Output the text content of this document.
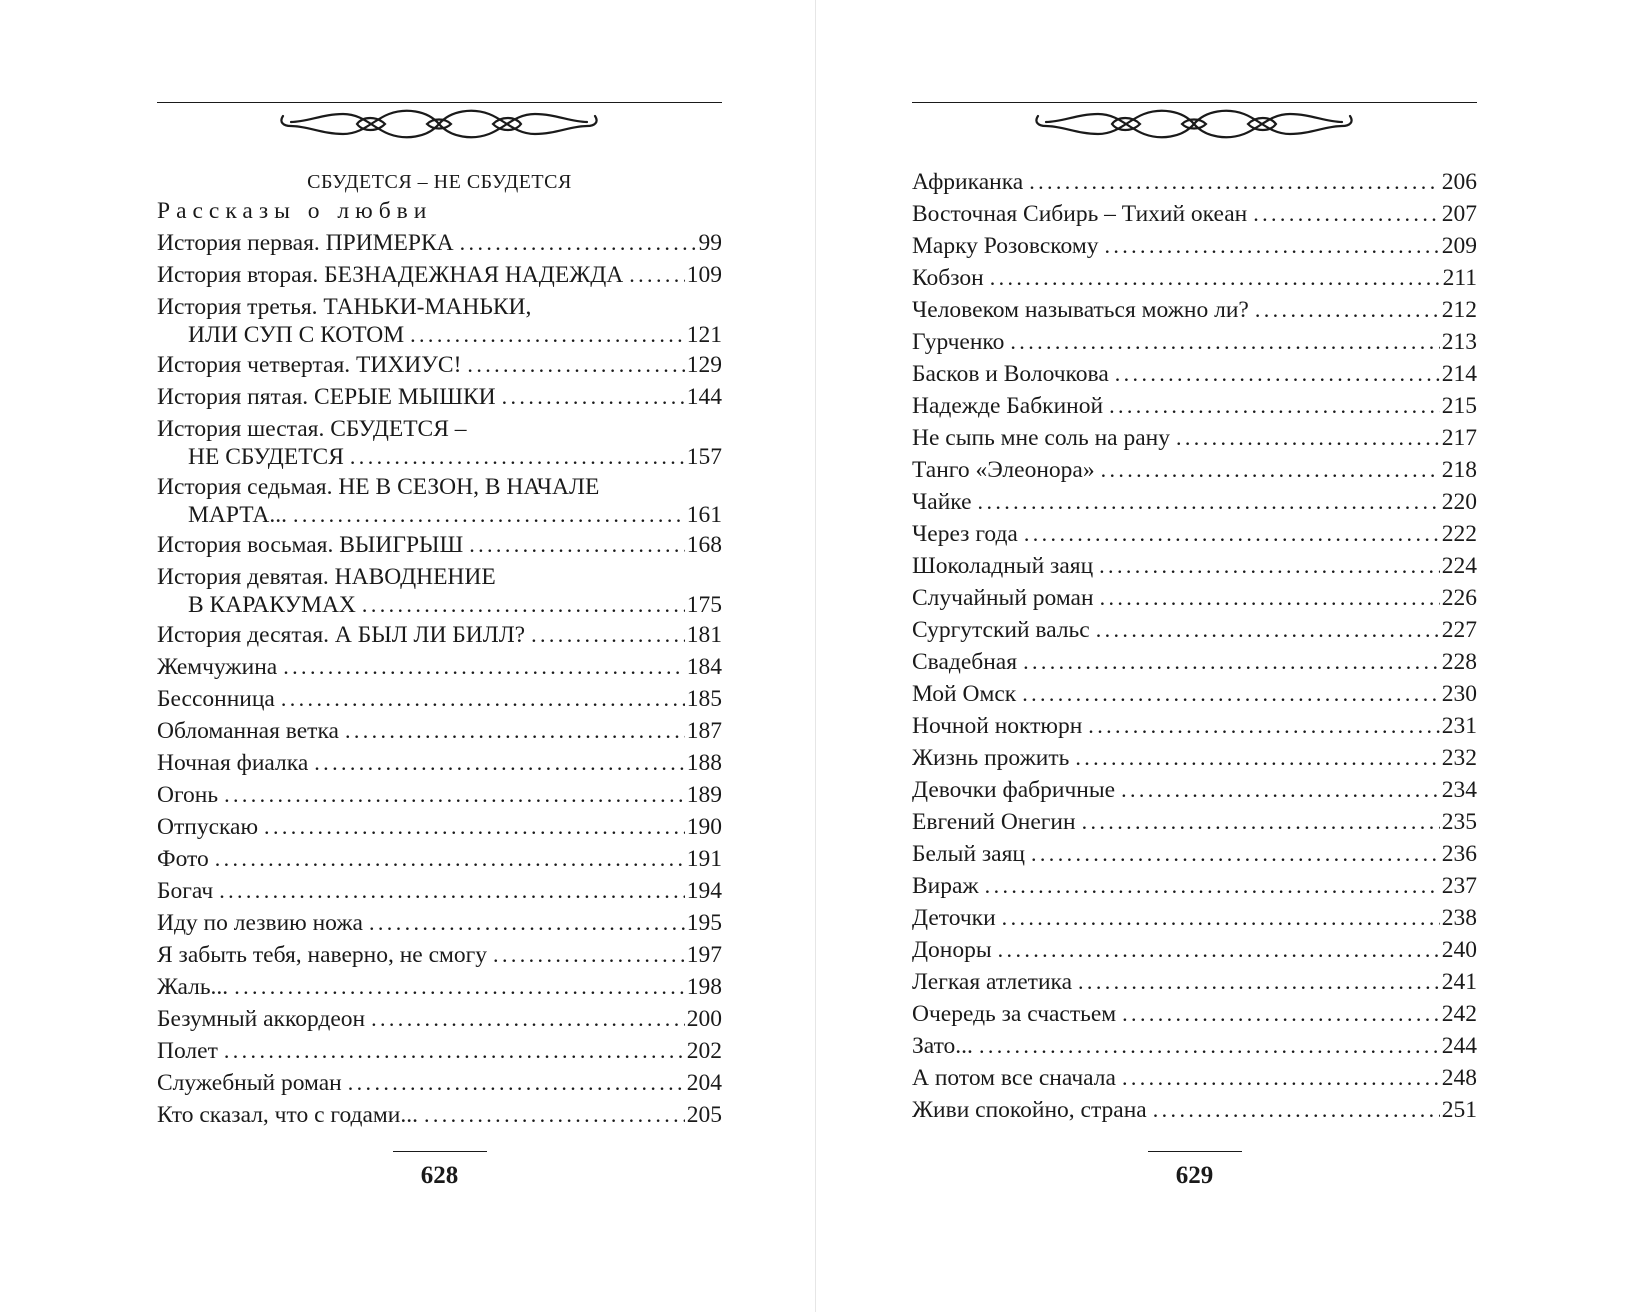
СБУДЕТСЯ – НЕ СБУДЕТСЯ
Рассказы о любви
История первая. ПРИМЕРКА .....	99
История вторая. БЕЗНАДЕЖНАЯ НАДЕЖДА .....	109
История третья. ТАНЬКИ-МАНЬКИ,
ИЛИ СУП С КОТОМ .....	121
История четвертая. ТИХИУС! .....	129
История пятая. СЕРЫЕ МЫШКИ .....	144
История шестая. СБУДЕТСЯ –
НЕ СБУДЕТСЯ .....	157
История седьмая. НЕ В СЕЗОН, В НАЧАЛЕ
МАРТА... .....	161
История восьмая. ВЫИГРЫШ .....	168
История девятая. НАВОДНЕНИЕ
В КАРАКУМАХ .....	175
История десятая. А БЫЛ ЛИ БИЛЛ? .....	181
Жемчужина .....	184
Бессонница .....	185
Обломанная ветка .....	187
Ночная фиалка .....	188
Огонь .....	189
Отпускаю .....	190
Фото .....	191
Богач .....	194
Иду по лезвию ножа .....	195
Я забыть тебя, наверно, не смогу .....	197
Жаль... .....	198
Безумный аккордеон .....	200
Полет .....	202
Служебный роман .....	204
Кто сказал, что с годами... .....	205
628
Африканка .....	206
Восточная Сибирь – Тихий океан .....	207
Марку Розовскому .....	209
Кобзон .....	211
Человеком называться можно ли? .....	212
Гурченко .....	213
Басков и Волочкова .....	214
Надежде Бабкиной .....	215
Не сыпь мне соль на рану .....	217
Танго «Элеонора» .....	218
Чайке .....	220
Через года .....	222
Шоколадный заяц .....	224
Случайный роман .....	226
Сургутский вальс .....	227
Свадебная .....	228
Мой Омск .....	230
Ночной ноктюрн .....	231
Жизнь прожить .....	232
Девочки фабричные .....	234
Евгений Онегин .....	235
Белый заяц .....	236
Вираж .....	237
Деточки .....	238
Доноры .....	240
Легкая атлетика .....	241
Очередь за счастьем .....	242
Зато... .....	244
А потом все сначала .....	248
Живи спокойно, страна .....	251
629
